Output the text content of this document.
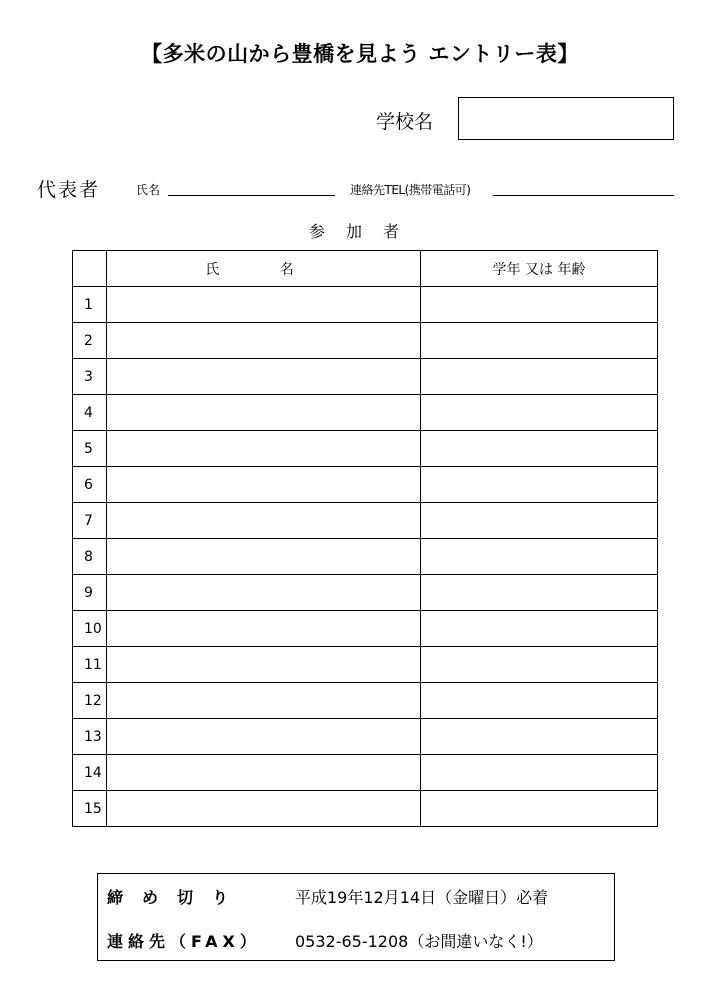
【多米の山から豊橋を見よう エントリー表】
学校名
代表者	氏名	連絡先TEL(携帯電話可)
参 加 者
	氏 名	学年 又は 年齢
1		
2		
3		
4		
5		
6		
7		
8		
9		
10		
11		
12		
13		
14		
15		
締め切り	平成19年12月14日（金曜日）必着
連絡先（FAX） 0532-65-1208（お間違いなく!）
